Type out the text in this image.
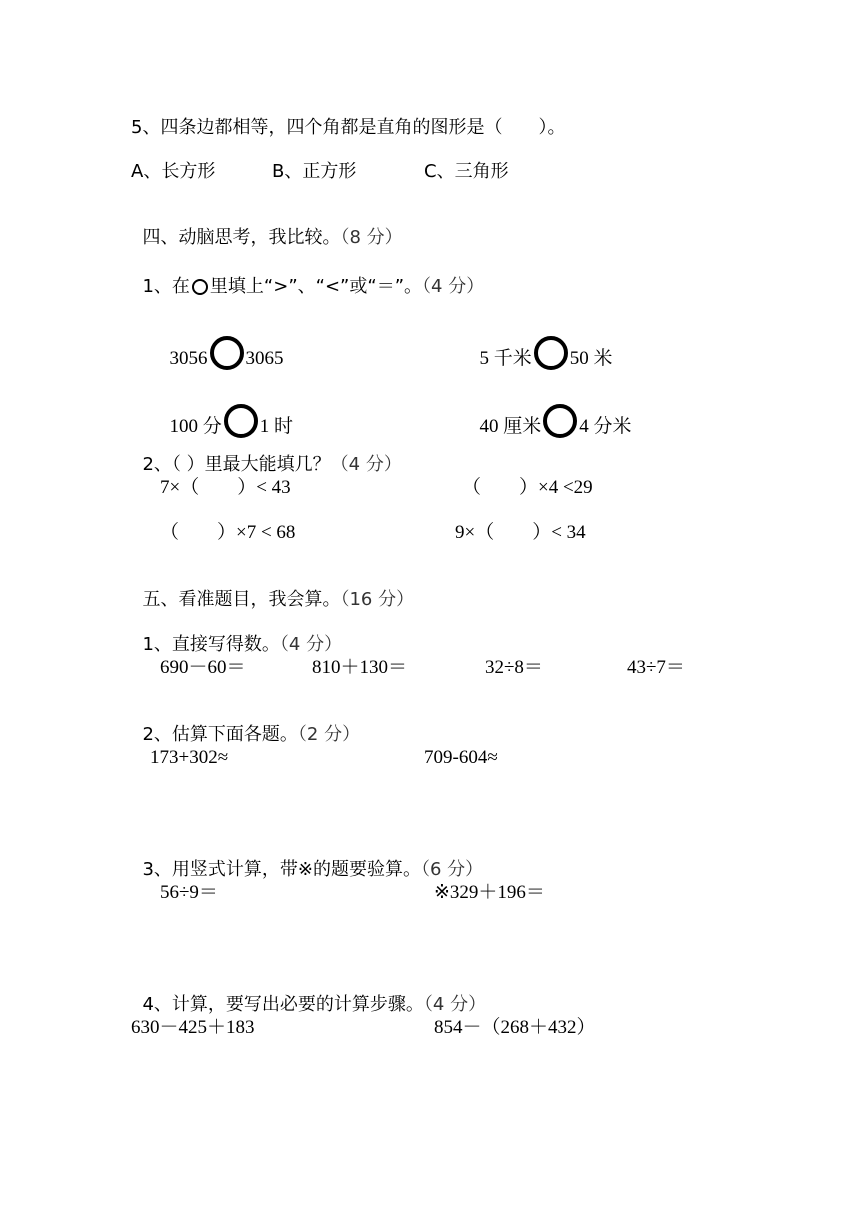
5、四条边都相等，四个角都是直角的图形是（　　）。
A、长方形	B、正方形	C、三角形

四、动脑思考，我比较。（8 分）

1、在 里填上“>”、“<”或“＝”。（4 分）

3056 3065	5 千米 50 米

100 分 1 时	40 厘米 4 分米

2、（ ）里最大能填几？（4 分）

7×（　　）< 43	（　　）×4 <29
（　　）×7 < 68	9×（　　）< 34

五、看准题目，我会算。（16 分）

1、直接写得数。（4 分）

690－60＝	810＋130＝	32÷8＝	43÷7＝

2、估算下面各题。（2 分）

173+302≈	709-604≈

3、用竖式计算，带※的题要验算。（6 分）

56÷9＝	※329＋196＝

4、计算，要写出必要的计算步骤。（4 分）

630－425＋183	854－（268＋432）
